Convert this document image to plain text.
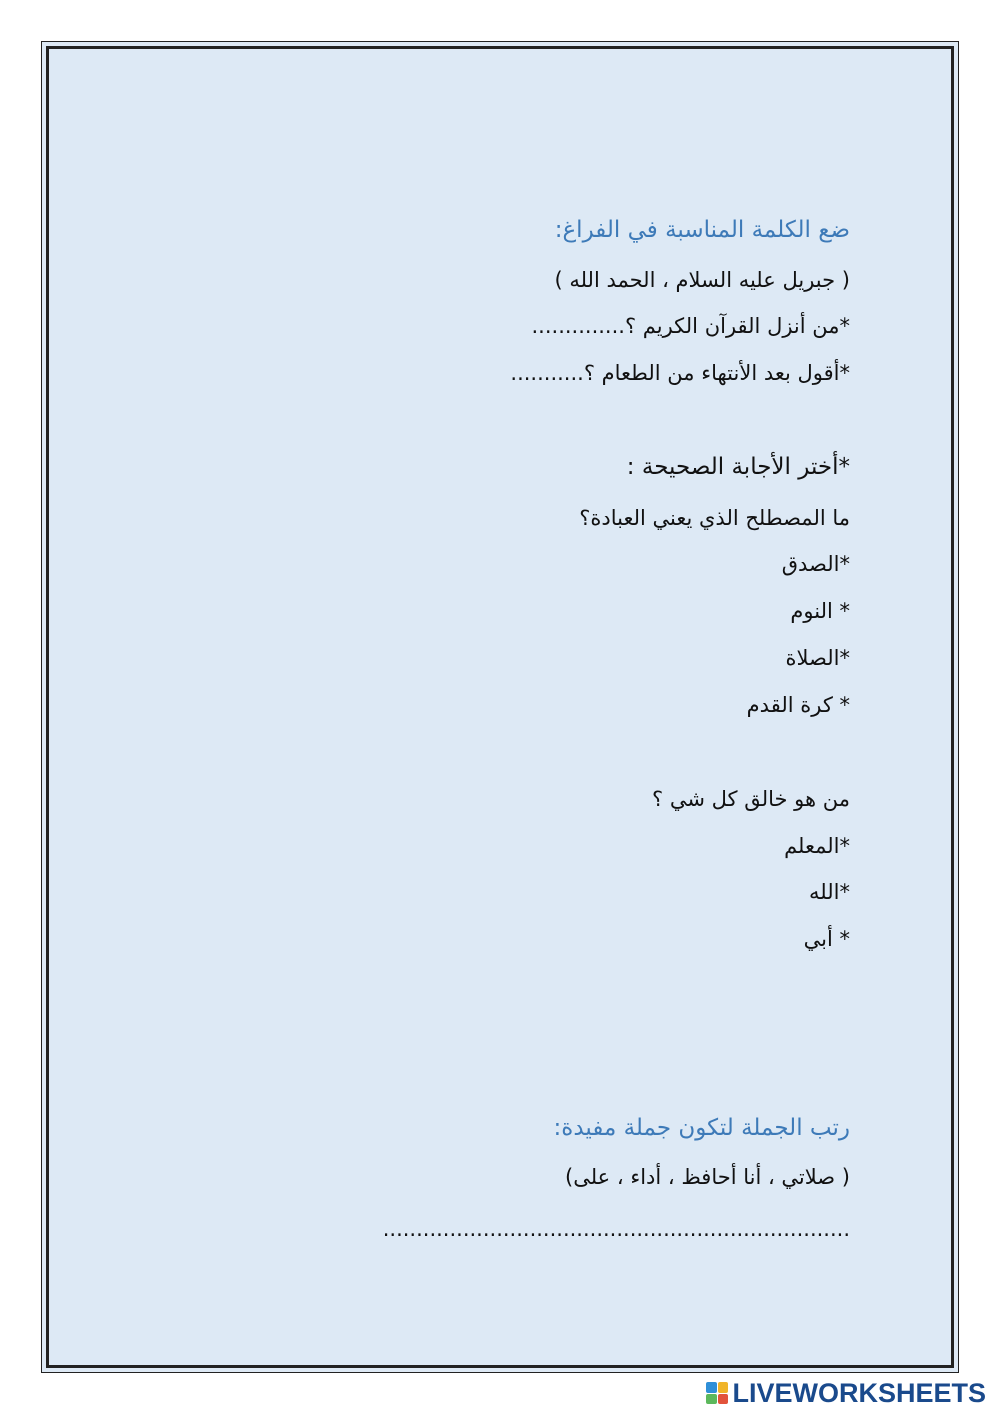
ضع الكلمة المناسبة في الفراغ:
( جبريل عليه السلام ، الحمد الله )
*من أنزل القرآن الكريم ؟..............
*أقول بعد الأنتهاء من الطعام ؟...........
*أختر الأجابة الصحيحة :
ما المصطلح الذي يعني العبادة؟
*الصدق
* النوم
*الصلاة
* كرة القدم
من هو خالق كل شي ؟
*المعلم
*الله
* أبي
رتب الجملة لتكون جملة مفيدة:
( صلاتي ، أنا أحافظ ، أداء ، على)
......................................................................
LIVEWORKSHEETS
